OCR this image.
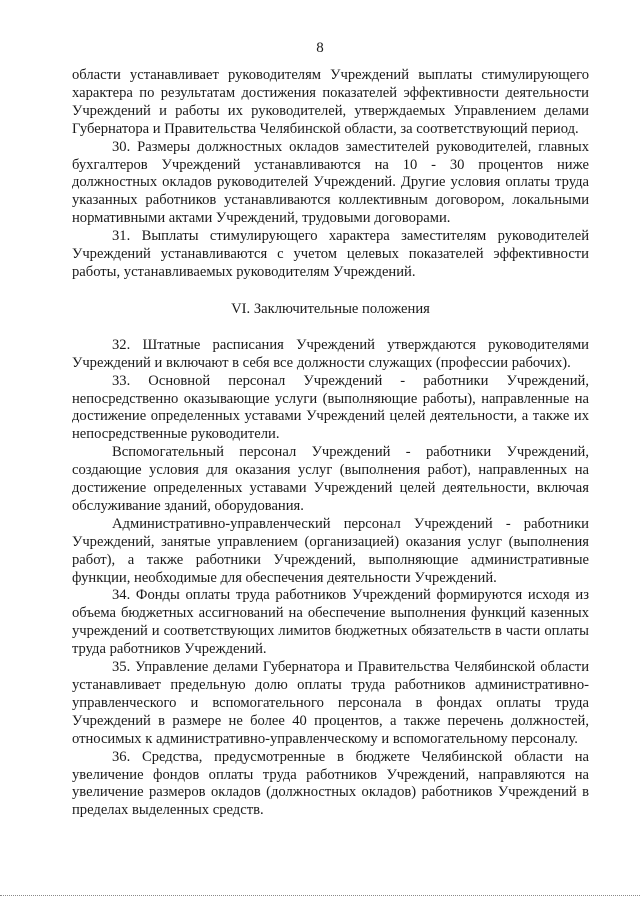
8

области устанавливает руководителям Учреждений выплаты стимулирующего характера по результатам достижения показателей эффективности деятельности Учреждений и работы их руководителей, утверждаемых Управлением делами Губернатора и Правительства Челябинской области, за соответствующий период.

30. Размеры должностных окладов заместителей руководителей, главных бухгалтеров Учреждений устанавливаются на 10 - 30 процентов ниже должностных окладов руководителей Учреждений. Другие условия оплаты труда указанных работников устанавливаются коллективным договором, локальными нормативными актами Учреждений, трудовыми договорами.

31. Выплаты стимулирующего характера заместителям руководителей Учреждений устанавливаются с учетом целевых показателей эффективности работы, устанавливаемых руководителям Учреждений.

VI. Заключительные положения

32. Штатные расписания Учреждений утверждаются руководителями Учреждений и включают в себя все должности служащих (профессии рабочих).

33. Основной персонал Учреждений - работники Учреждений, непосредственно оказывающие услуги (выполняющие работы), направленные на достижение определенных уставами Учреждений целей деятельности, а также их непосредственные руководители.

Вспомогательный персонал Учреждений - работники Учреждений, создающие условия для оказания услуг (выполнения работ), направленных на достижение определенных уставами Учреждений целей деятельности, включая обслуживание зданий, оборудования.

Административно-управленческий персонал Учреждений - работники Учреждений, занятые управлением (организацией) оказания услуг (выполнения работ), а также работники Учреждений, выполняющие административные функции, необходимые для обеспечения деятельности Учреждений.

34. Фонды оплаты труда работников Учреждений формируются исходя из объема бюджетных ассигнований на обеспечение выполнения функций казенных учреждений и соответствующих лимитов бюджетных обязательств в части оплаты труда работников Учреждений.

35. Управление делами Губернатора и Правительства Челябинской области устанавливает предельную долю оплаты труда работников административно-управленческого и вспомогательного персонала в фондах оплаты труда Учреждений в размере не более 40 процентов, а также перечень должностей, относимых к административно-управленческому и вспомогательному персоналу.

36. Средства, предусмотренные в бюджете Челябинской области на увеличение фондов оплаты труда работников Учреждений, направляются на увеличение размеров окладов (должностных окладов) работников Учреждений в пределах выделенных средств.
